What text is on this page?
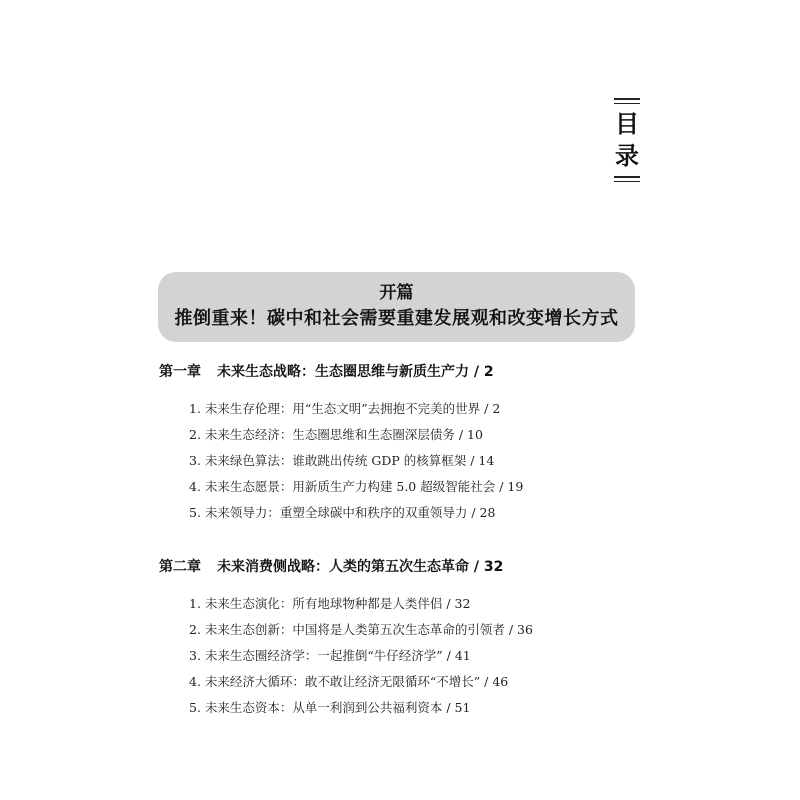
目
录
开篇
推倒重来！碳中和社会需要重建发展观和改变增长方式
第一章 未来生态战略：生态圈思维与新质生产力 / 2
1. 未来生存伦理：用“生态文明”去拥抱不完美的世界 / 2
2. 未来生态经济：生态圈思维和生态圈深层债务 / 10
3. 未来绿色算法：谁敢跳出传统 GDP 的核算框架 / 14
4. 未来生态愿景：用新质生产力构建 5.0 超级智能社会 / 19
5. 未来领导力：重塑全球碳中和秩序的双重领导力 / 28
第二章 未来消费侧战略：人类的第五次生态革命 / 32
1. 未来生态演化：所有地球物种都是人类伴侣 / 32
2. 未来生态创新：中国将是人类第五次生态革命的引领者 / 36
3. 未来生态圈经济学：一起推倒“牛仔经济学” / 41
4. 未来经济大循环：敢不敢让经济无限循环“不增长” / 46
5. 未来生态资本：从单一利润到公共福利资本 / 51
